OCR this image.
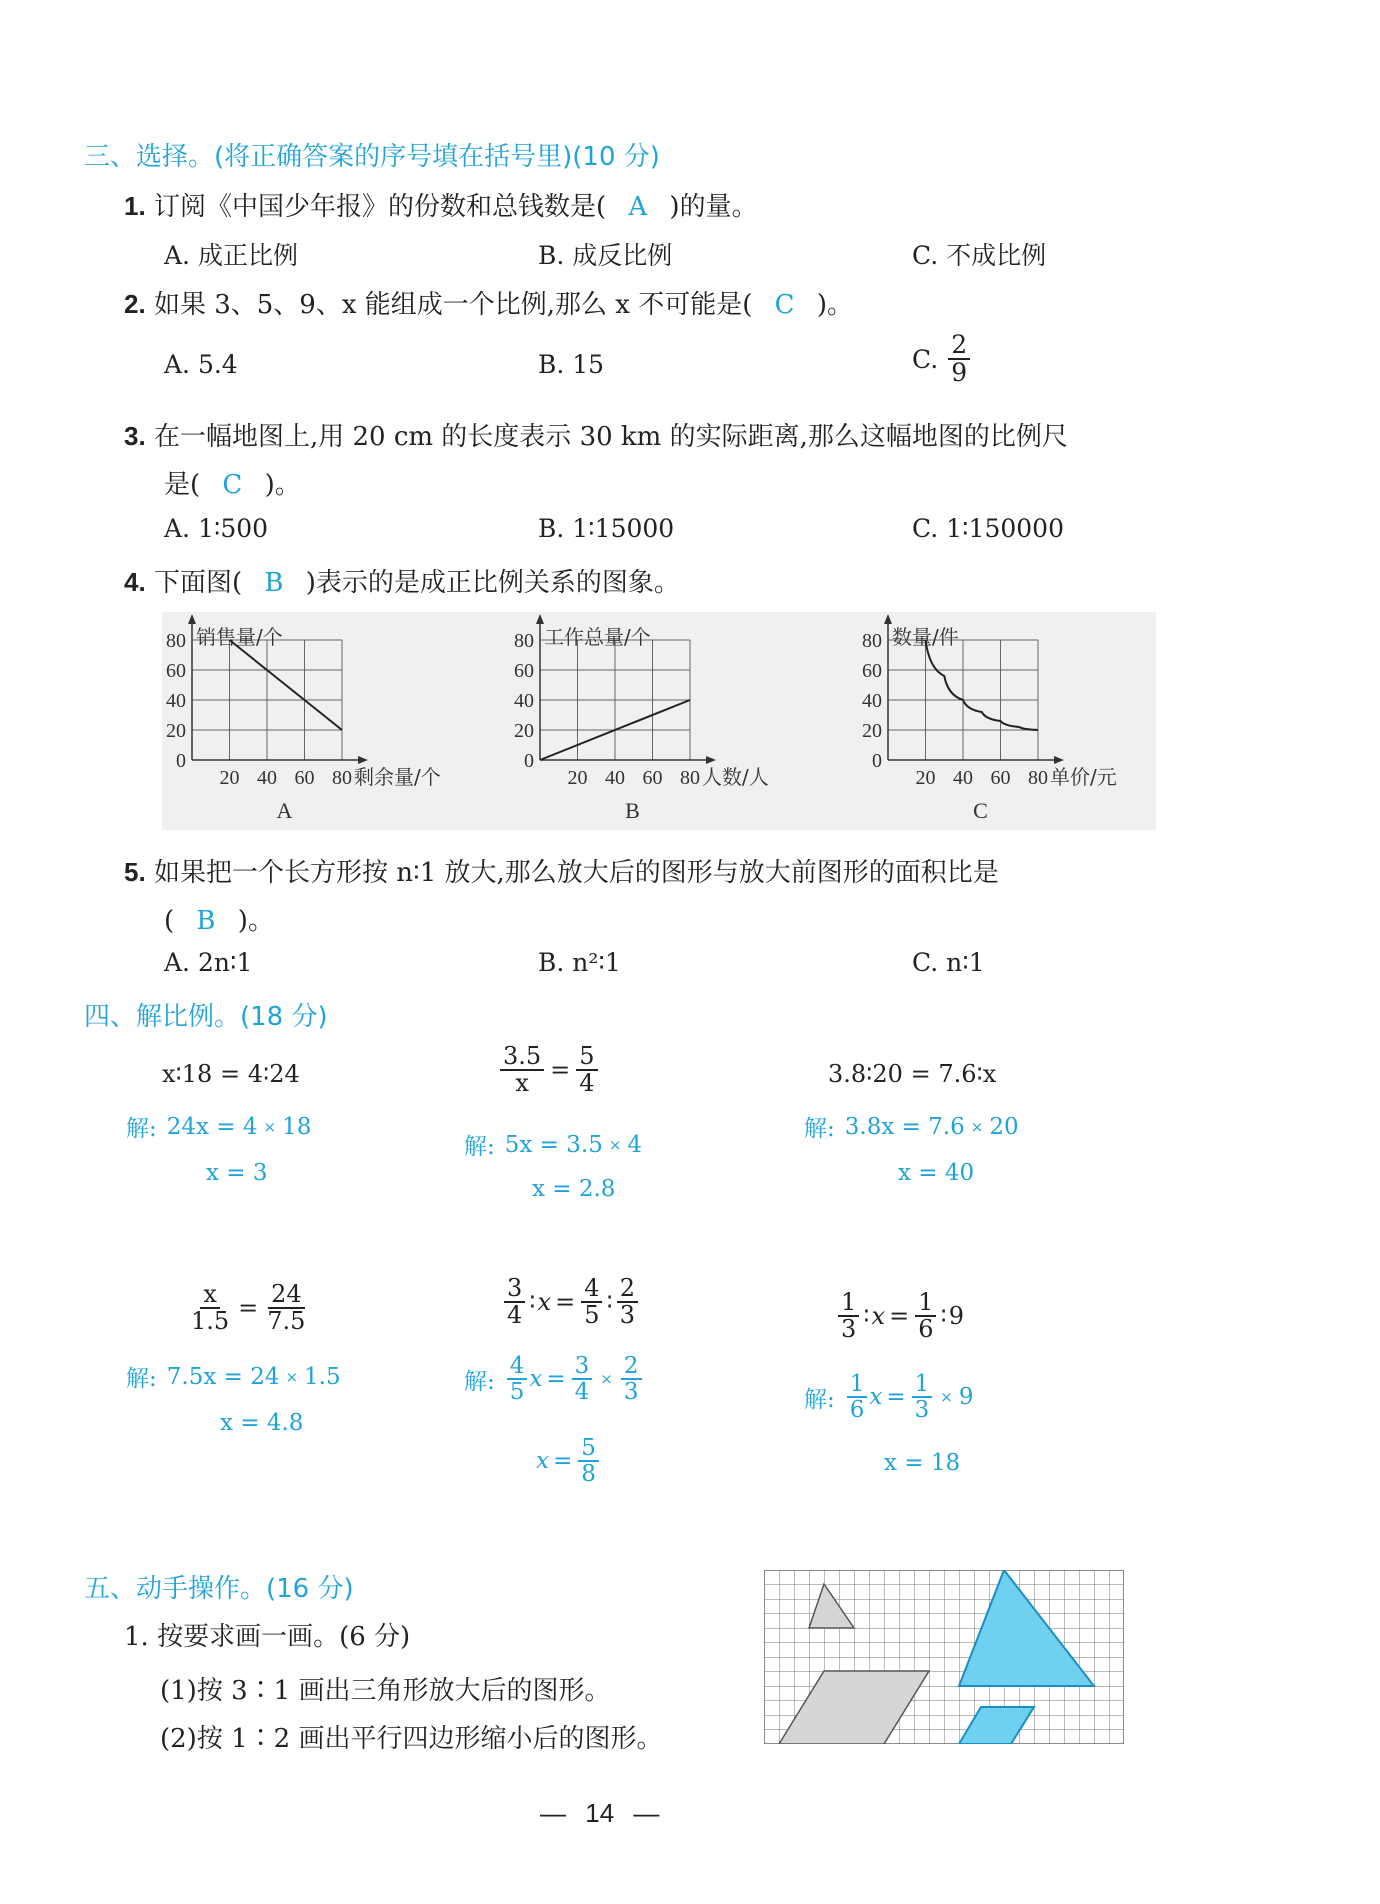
三、选择。(将正确答案的序号填在括号里)(10 分)
1. 订阅《中国少年报》的份数和总钱数是( A )的量。
A. 成正比例	B. 成反比例	C. 不成比例
2. 如果 3、5、9、x 能组成一个比例,那么 x 不可能是( C )。
A. 5.4	B. 15	C. $\frac{2}{9}$
3. 在一幅地图上,用 20 cm 的长度表示 30 km 的实际距离,那么这幅地图的比例尺
是( C )。
A. 1∶500	B. 1∶15000	C. 1∶150000
4. 下面图( B )表示的是成正比例关系的图象。
0
20
40
60
80
20 40 60 80
销售量/个
剩余量/个
A
0
20
40
60
80
20 40 60 80
工作总量/个
人数/人
B
0
20
40
60
80
20 40 60 80
数量/件
单价/元
C
5. 如果把一个长方形按 n∶1 放大,那么放大后的图形与放大前图形的面积比是
( B )。
A. 2n∶1	B. n²∶1	C. n∶1
四、解比例。(18 分)
x∶18 = 4∶24
解: 24x = 4 × 18
x = 3
$\frac{3.5}{x} = \frac{5}{4}$
解: 5x = 3.5 × 4
x = 2.8
3.8∶20 = 7.6∶x
解: 3.8x = 7.6 × 20
x = 40
$\frac{x}{1.5} = \frac{24}{7.5}$
解: 7.5x = 24 × 1.5
x = 4.8
$\frac{3}{4}$ ∶ $x = \frac{4}{5}$ ∶ $\frac{2}{3}$
解: $\frac{4}{5}$ $x = \frac{3}{4} \times \frac{2}{3}$
$x = \frac{5}{8}$
$\frac{1}{3}$ ∶ $x = \frac{1}{6}$ ∶ 9
解: $\frac{1}{6}$ $x = \frac{1}{3} \times 9$
x = 18
五、动手操作。(16 分)
1. 按要求画一画。(6 分)
(1)按 3∶1 画出三角形放大后的图形。
(2)按 1∶2 画出平行四边形缩小后的图形。
— 14 —
